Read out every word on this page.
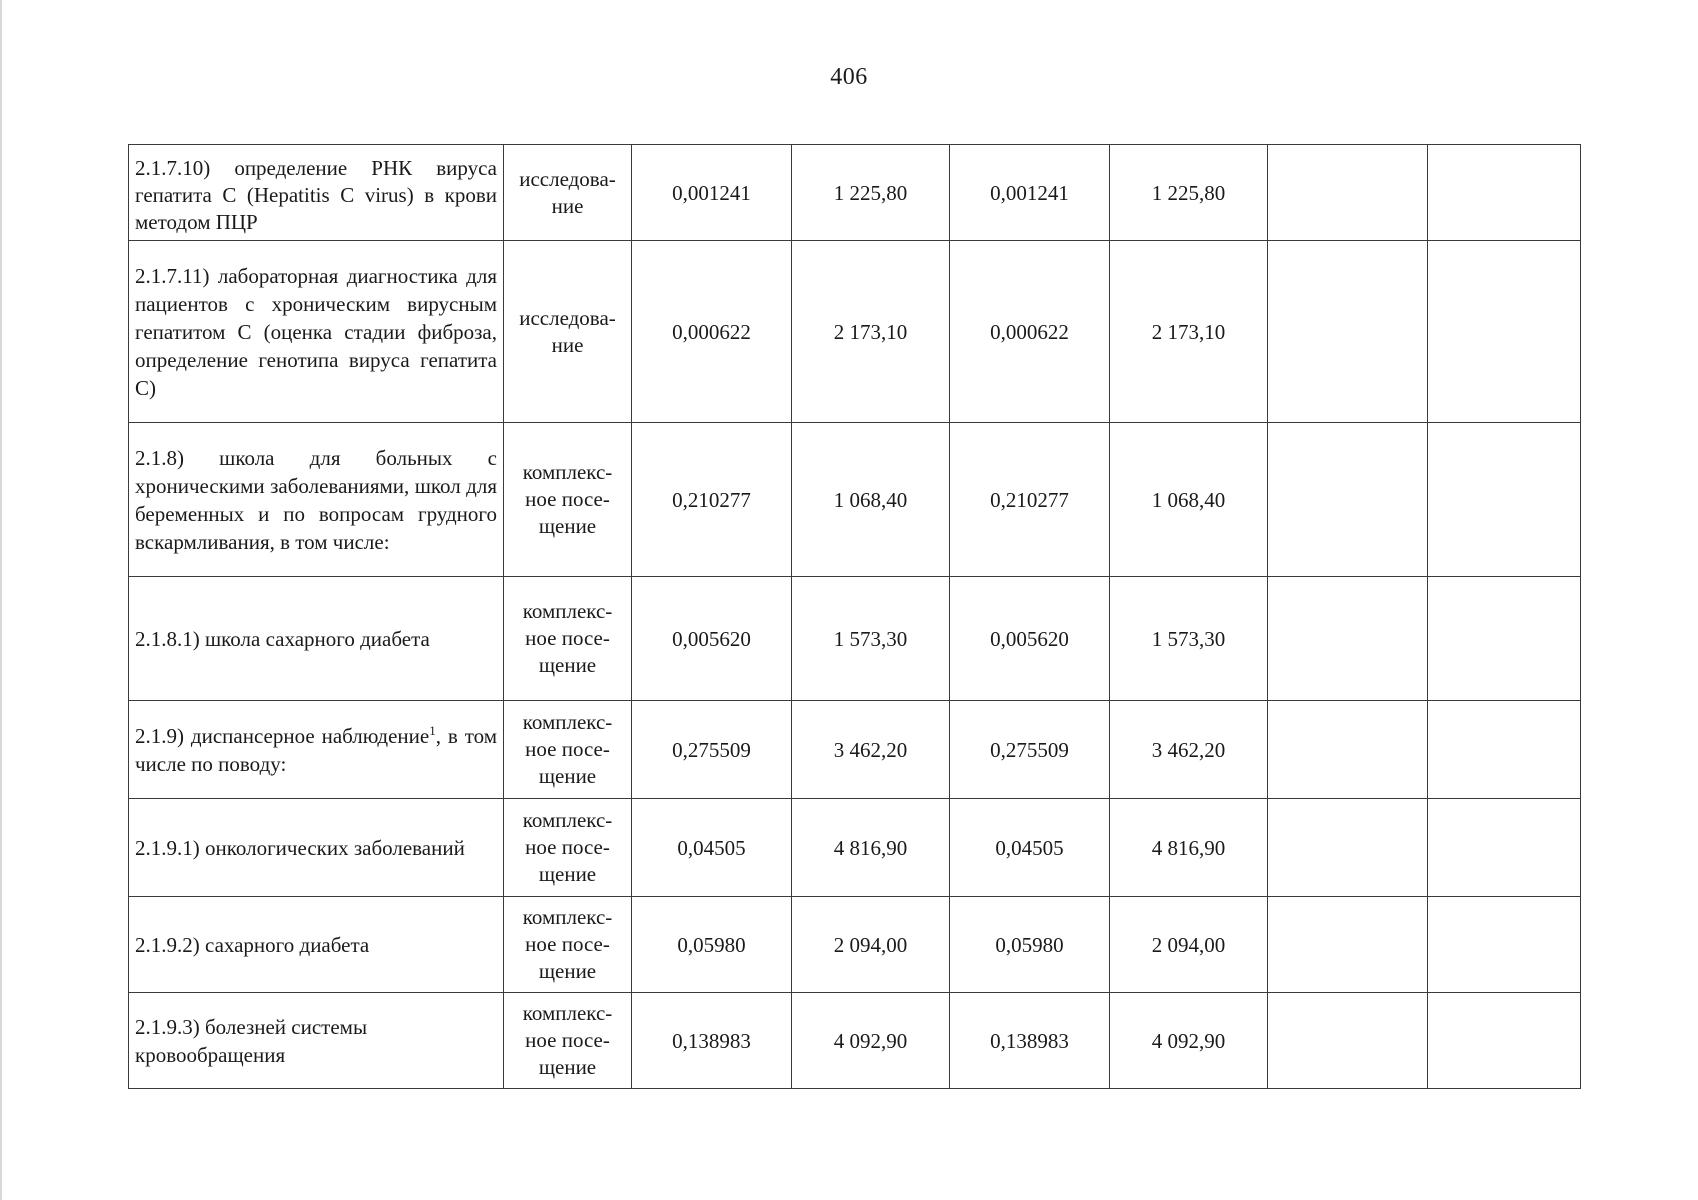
406
2.1.7.10) определение РНК вируса гепатита С (Hepatitis C virus) в крови методом ПЦР	исследова-ние	0,001241	1 225,80	0,001241	1 225,80		
2.1.7.11) лабораторная диагностика для пациентов с хроническим вирусным гепатитом С (оценка стадии фиброза, определение генотипа вируса гепатита С)	исследова-ние	0,000622	2 173,10	0,000622	2 173,10		
2.1.8) школа для больных с хроническими заболеваниями, школ для беременных и по вопросам грудного вскармливания, в том числе:	комплекс-ное посе-щение	0,210277	1 068,40	0,210277	1 068,40		
2.1.8.1) школа сахарного диабета	комплекс-ное посе-щение	0,005620	1 573,30	0,005620	1 573,30		
2.1.9) диспансерное наблюдение$^1$, в том числе по поводу:	комплекс-ное посе-щение	0,275509	3 462,20	0,275509	3 462,20		
2.1.9.1) онкологических заболеваний	комплекс-ное посе-щение	0,04505	4 816,90	0,04505	4 816,90		
2.1.9.2) сахарного диабета	комплекс-ное посе-щение	0,05980	2 094,00	0,05980	2 094,00		
2.1.9.3) болезней системы кровообращения	комплекс-ное посе-щение	0,138983	4 092,90	0,138983	4 092,90		
